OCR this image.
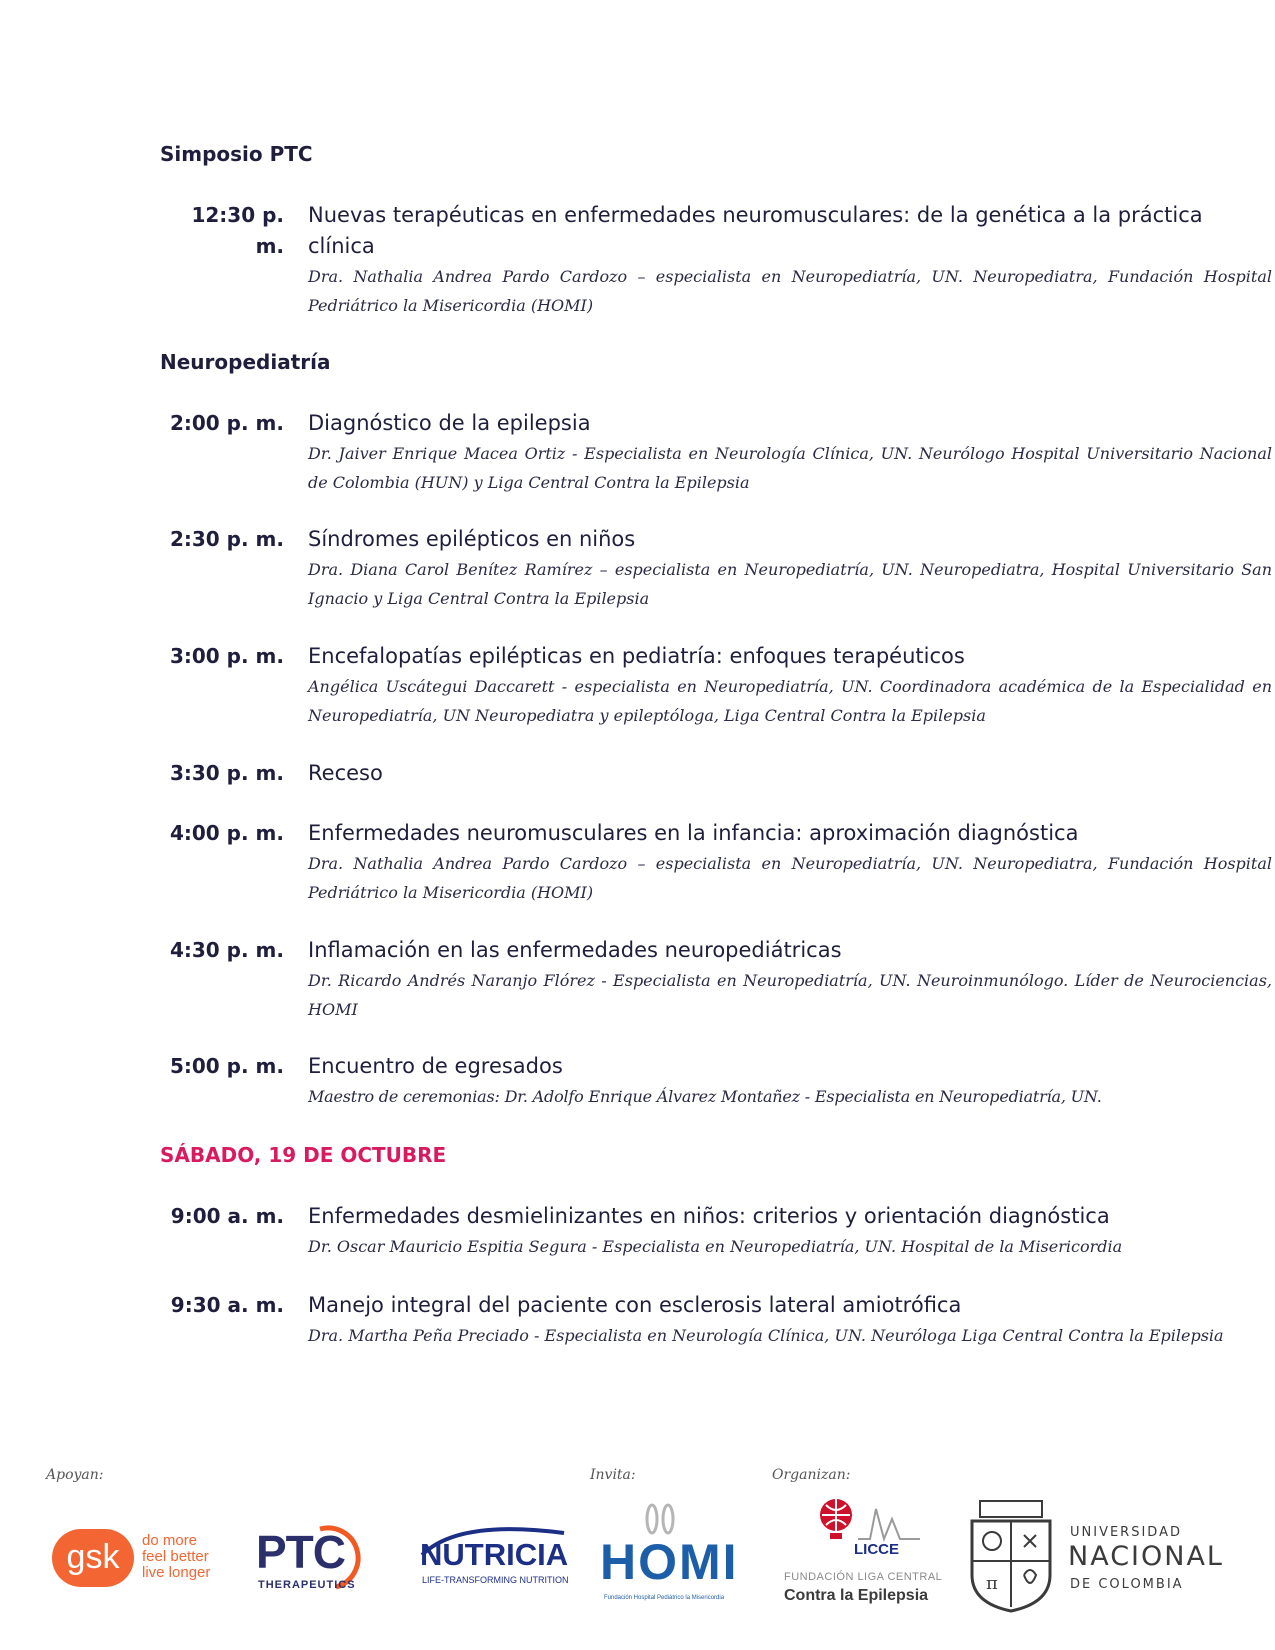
Simposio PTC
Neuropediatría
SÁBADO, 19 DE OCTUBRE
12:30 p. m.
Nuevas terapéuticas en enfermedades neuromusculares: de la genética a la práctica clínica
Dra. Nathalia Andrea Pardo Cardozo – especialista en Neuropediatría, UN. Neuropediatra, Fundación Hospital Pedriátrico la Misericordia (HOMI)
2:00 p. m. Diagnóstico de la epilepsia
Dr. Jaiver Enrique Macea Ortiz - Especialista en Neurología Clínica, UN. Neurólogo Hospital Universitario Nacional de Colombia (HUN) y Liga Central Contra la Epilepsia
2:30 p. m. Síndromes epilépticos en niños
Dra. Diana Carol Benítez Ramírez – especialista en Neuropediatría, UN. Neuropediatra, Hospital Universitario San Ignacio y Liga Central Contra la Epilepsia
3:00 p. m. Encefalopatías epilépticas en pediatría: enfoques terapéuticos
Angélica Uscátegui Daccarett - especialista en Neuropediatría, UN. Coordinadora académica de la Especialidad en Neuropediatría, UN Neuropediatra y epileptóloga, Liga Central Contra la Epilepsia
3:30 p. m. Receso
4:00 p. m. Enfermedades neuromusculares en la infancia: aproximación diagnóstica
Dra. Nathalia Andrea Pardo Cardozo – especialista en Neuropediatría, UN. Neuropediatra, Fundación Hospital Pedriátrico la Misericordia (HOMI)
4:30 p. m. Inflamación en las enfermedades neuropediátricas
Dr. Ricardo Andrés Naranjo Flórez - Especialista en Neuropediatría, UN. Neuroinmunólogo. Líder de Neurociencias, HOMI
5:00 p. m. Encuentro de egresados
Maestro de ceremonias: Dr. Adolfo Enrique Álvarez Montañez - Especialista en Neuropediatría, UN.
9:00 a. m. Enfermedades desmielinizantes en niños: criterios y orientación diagnóstica
Dr. Oscar Mauricio Espitia Segura - Especialista en Neuropediatría, UN. Hospital de la Misericordia
9:30 a. m. Manejo integral del paciente con esclerosis lateral amiotrófica
Dra. Martha Peña Preciado - Especialista en Neurología Clínica, UN. Neuróloga Liga Central Contra la Epilepsia
Apoyan:	Invita:	Organizan:
gsk	do more
feel better
live longer PTC
THERAPEUTICS
NUTRICIA
LIFE-TRANSFORMING NUTRITION HOMI
Fundación Hospital Pediátrico la Misericordia
LICCE
FUNDACIÓN LIGA CENTRAL
Contra la Epilepsia
π
UNIVERSIDAD
NACIONAL
DE COLOMBIA
